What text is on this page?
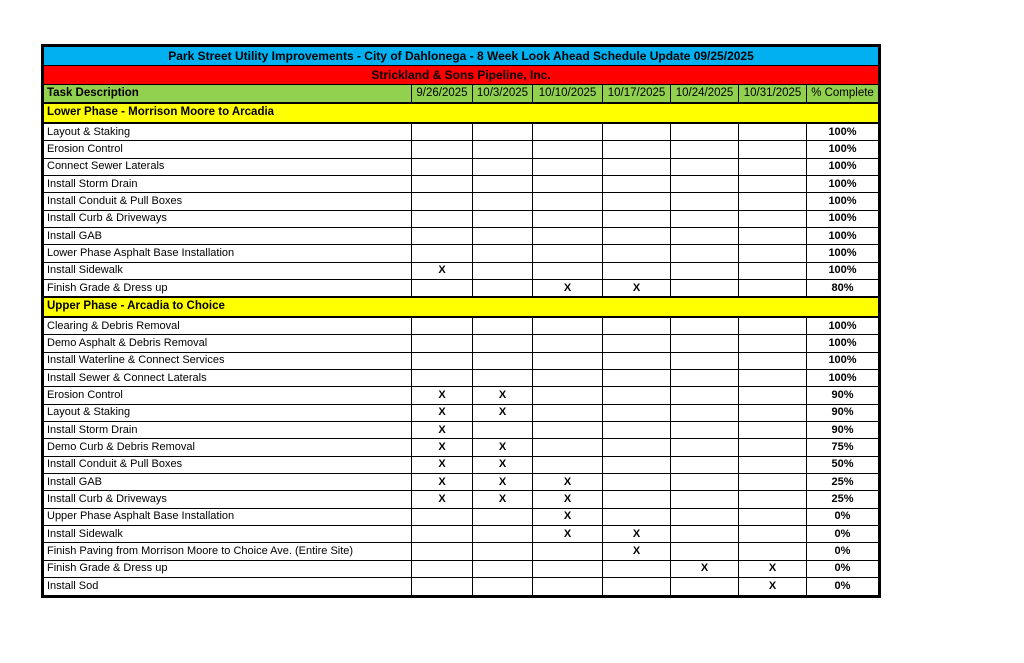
Park Street Utility Improvements - City of Dahlonega - 8 Week Look Ahead Schedule Update 09/25/2025							
Strickland & Sons Pipeline, Inc.							
Task Description	9/26/2025	10/3/2025	10/10/2025	10/17/2025	10/24/2025	10/31/2025	% Complete
Lower Phase - Morrison Moore to Arcadia							
Layout & Staking							100%
Erosion Control							100%
Connect Sewer Laterals							100%
Install Storm Drain							100%
Install Conduit & Pull Boxes							100%
Install Curb & Driveways							100%
Install GAB							100%
Lower Phase Asphalt Base Installation							100%
Install Sidewalk	X						100%
Finish Grade & Dress up			X	X			80%
Upper Phase - Arcadia to Choice							
Clearing & Debris Removal							100%
Demo Asphalt & Debris Removal							100%
Install Waterline & Connect Services							100%
Install Sewer & Connect Laterals							100%
Erosion Control	X	X					90%
Layout & Staking	X	X					90%
Install Storm Drain	X						90%
Demo Curb & Debris Removal	X	X					75%
Install Conduit & Pull Boxes	X	X					50%
Install GAB	X	X	X				25%
Install Curb & Driveways	X	X	X				25%
Upper Phase Asphalt Base Installation			X				0%
Install Sidewalk			X	X			0%
Finish Paving from Morrison Moore to Choice Ave. (Entire Site)				X			0%
Finish Grade & Dress up					X	X	0%
Install Sod						X	0%
